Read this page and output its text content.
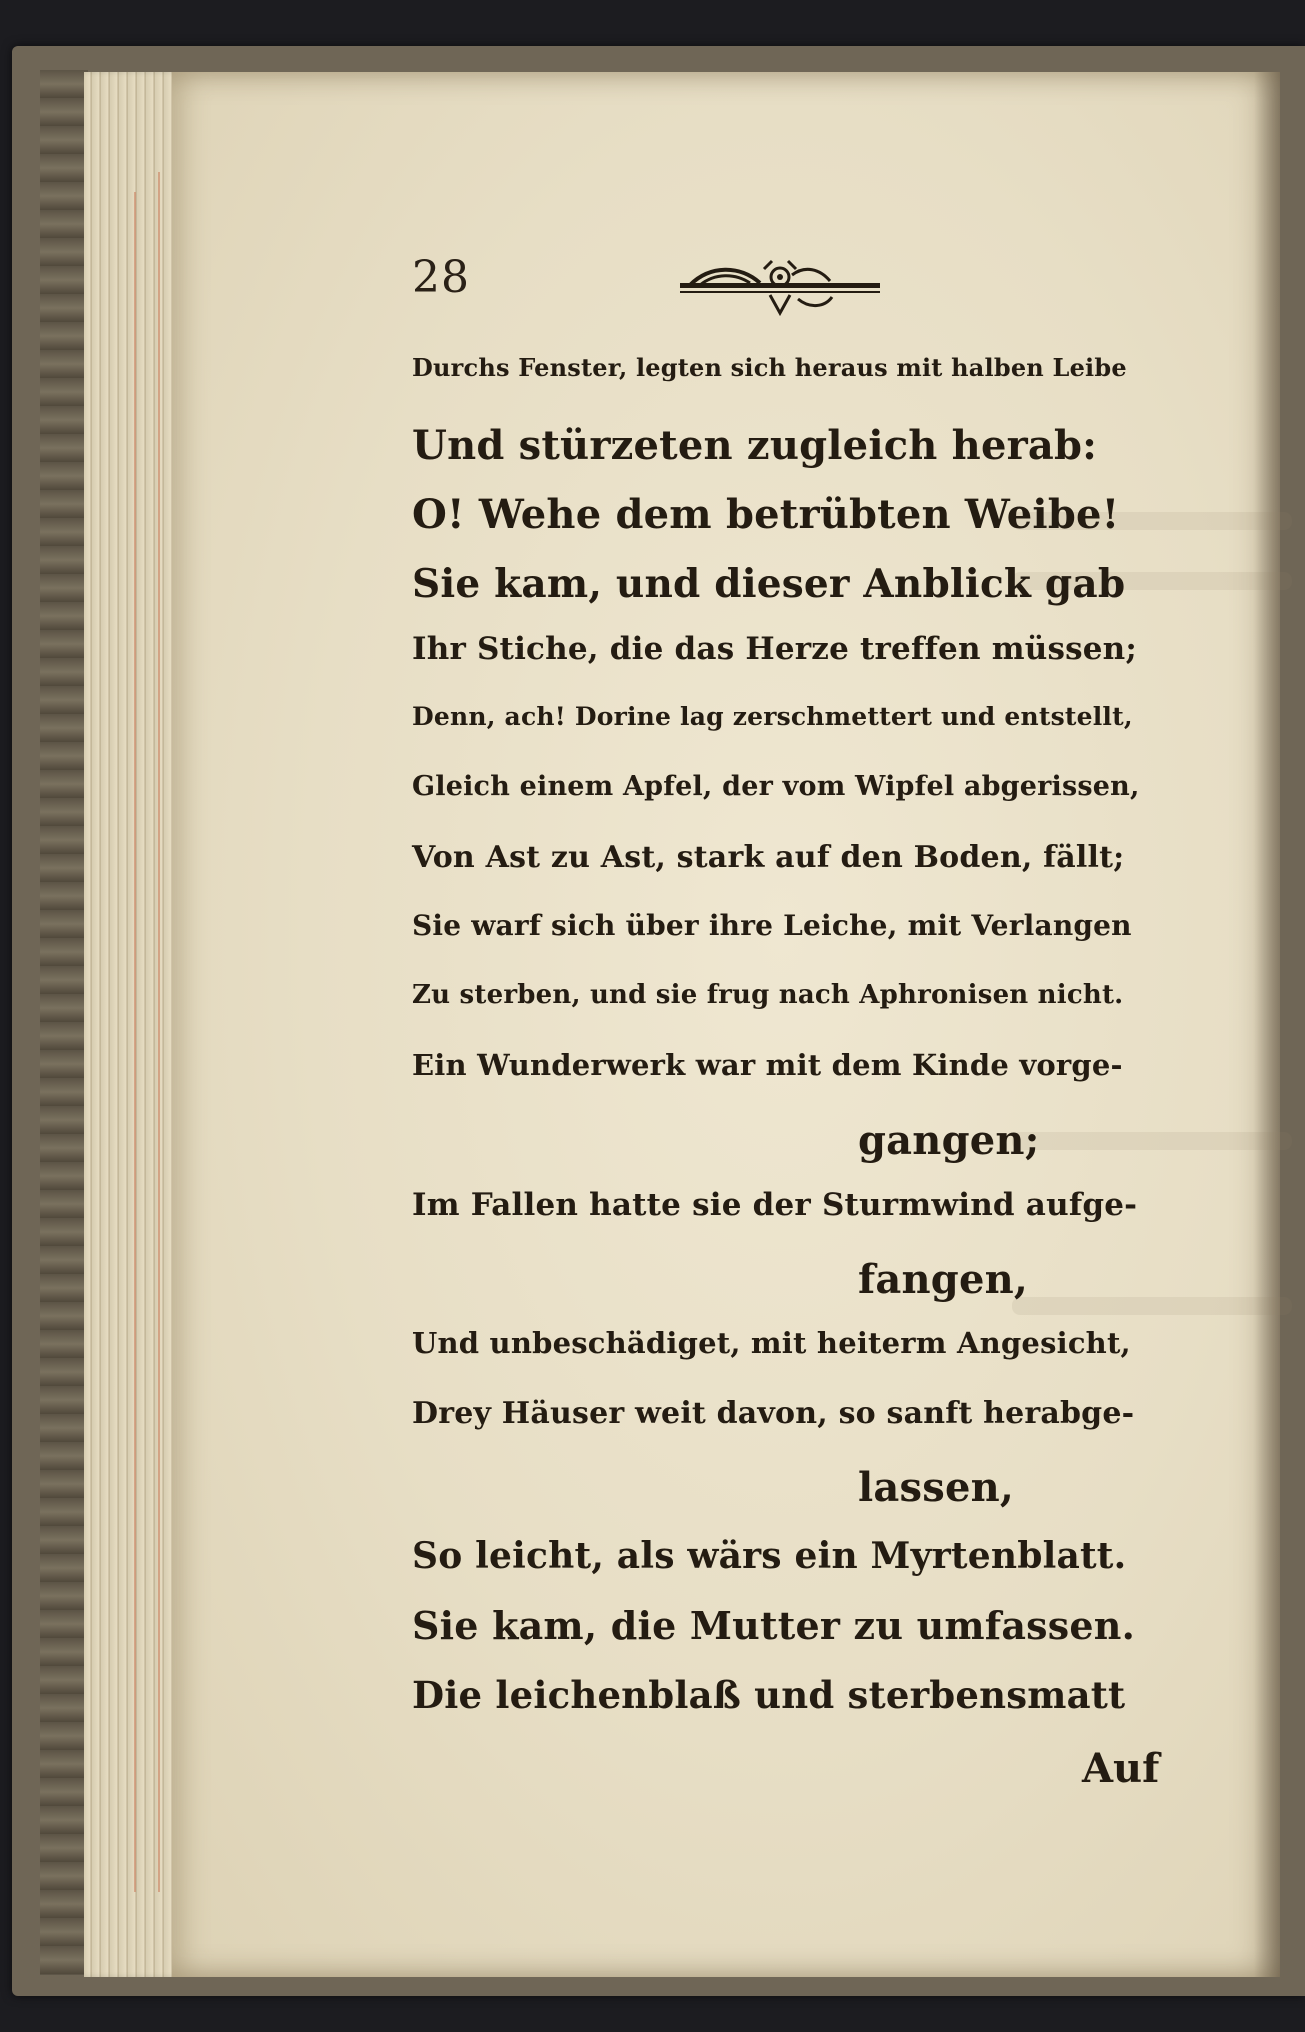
28
Durchs Fenster, legten sich heraus mit halben Leibe
Und stürzeten zugleich herab:
O! Wehe dem betrübten Weibe!
Sie kam, und dieser Anblick gab
Ihr Stiche, die das Herze treffen müssen;
Denn, ach! Dorine lag zerschmettert und entstellt,
Gleich einem Apfel, der vom Wipfel abgerissen,
Von Ast zu Ast, stark auf den Boden, fällt;
Sie warf sich über ihre Leiche, mit Verlangen
Zu sterben, und sie frug nach Aphronisen nicht.
Ein Wunderwerk war mit dem Kinde vorge-
gangen;
Im Fallen hatte sie der Sturmwind aufge-
fangen,
Und unbeschädiget, mit heiterm Angesicht,
Drey Häuser weit davon, so sanft herabge-
lassen,
So leicht, als wärs ein Myrtenblatt.
Sie kam, die Mutter zu umfassen.
Die leichenblaß und sterbensmatt
Auf
